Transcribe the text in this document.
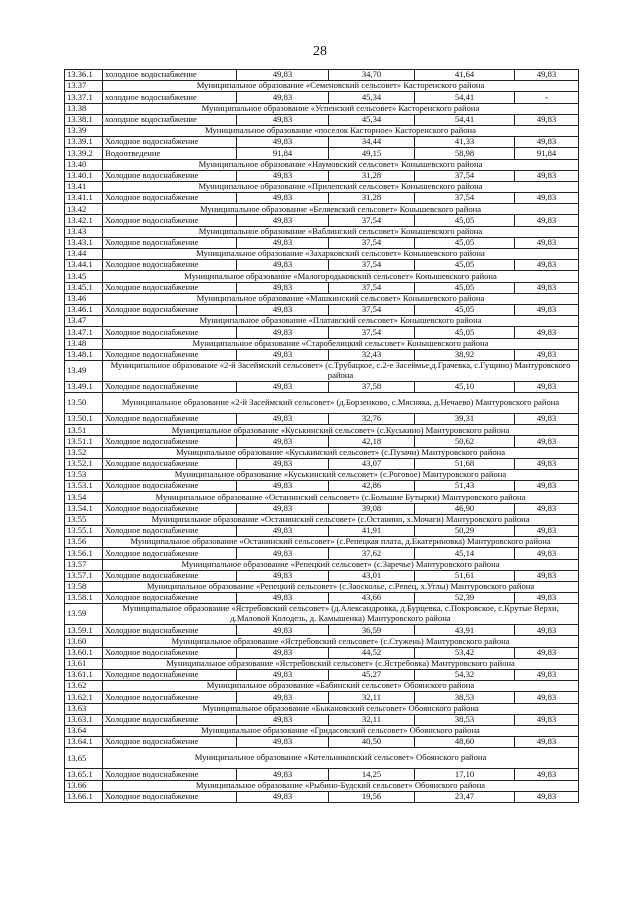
28
13.36.1	холодное водоснабжение	49,83	34,70	41,64	49,83
13.37	Муниципальное образование «Семеновский сельсовет» Касторенского района				
13.37.1	холодное водоснабжение	49,83	45,34	54,41	-
13.38	Муниципальное образование «Успенский сельсовет» Касторенского района				
13.38.1	холодное водоснабжение	49,83	45,34	54,41	49,83
13.39	Муниципальное образование «поселок Касторное» Касторенского района				
13.39.1	Холодное водоснабжение	49,83	34,44	41,33	49,83
13.39.2	Водоотведение	91,84	49,15	58,98	91,84
13.40	Муниципальное образование «Наумовский сельсовет» Конышевского района				
13.40.1	Холодное водоснабжение	49,83	31,28	37,54	49,83
13.41	Муниципальное образование «Прилепский сельсовет» Конышевского района				
13.41.1	Холодное водоснабжение	49,83	31,28	37,54	49,83
13.42	Муниципальное образование «Беляевский сельсовет» Конышевского района				
13.42.1	Холодное водоснабжение	49,83	37,54	45,05	49,83
13.43	Муниципальное образование «Ваблинский сельсовет» Конышевского района				
13.43.1	Холодное водоснабжение	49,83	37,54	45,05	49,83
13.44	Муниципальное образование «Захарковский сельсовет» Конышевского района				
13.44.1	Холодное водоснабжение	49,83	37,54	45,05	49,83
13.45	Муниципальное образование «Малогородьковский сельсовет» Конышевского района				
13.45.1	Холодное водоснабжение	49,83	37,54	45,05	49,83
13.46	Муниципальное образование «Машкинский сельсовет» Конышевского района				
13.46.1	Холодное водоснабжение	49,83	37,54	45,05	49,83
13.47	Муниципальное образование «Платавский сельсовет» Конышевского района				
13.47.1	Холодное водоснабжение	49,83	37,54	45,05	49,83
13.48	Муниципальное образование «Старобелицкий сельсовет» Конышевского района				
13.48.1	Холодное водоснабжение	49,83	32,43	38,92	49,83
13.49	Муниципальное образование «2-й Засеймский сельсовет» (с.Трубацкое, с.2-е Засеймье,д.Грачевка, с.Гущино) Мантуровского района				
13.49.1	Холодное водоснабжение	49,83	37,58	45,10	49,83
13.50	Муниципальное образование «2-й Засеймский сельсовет» (д.Борзенково, с.Мясняка, д.Нечаево) Мантуровского района				
13.50.1	Холодное водоснабжение	49,83	32,76	39,31	49,83
13.51	Муниципальное образование «Куськинский сельсовет» (с.Куськино) Мантуровского района				
13.51.1	Холодное водоснабжение	49,83	42,18	50,62	49,83
13.52	Муниципальное образование «Куськинский сельсовет» (с.Пузачи) Мантуровского района				
13.52.1	Холодное водоснабжение	49,83	43,07	51,68	49,83
13.53	Муниципальное образование «Куськинский сельсовет» (с.Роговое) Мантуровского района				
13.53.1	Холодное водоснабжение	49,83	42,86	51,43	49,83
13.54	Муниципальное образование «Останинский сельсовет» (с.Большие Бутырки) Мантуровского района				
13.54.1	Холодное водоснабжение	49,83	39,08	46,90	49,83
13.55	Муниципальное образование «Останинский сельсовет» (с.Останино, х.Мочаги) Мантуровского района				
13.55.1	Холодное водоснабжение	49,83	41,91	50,29	49,83
13.56	Муниципальное образование «Останинский сельсовет» (с.Репецкая плата, д.Екатериновка) Мантуровского района				
13.56.1	Холодное водоснабжение	49,83	37,62	45,14	49,83
13.57	Муниципальное образование «Репецкий сельсовет» (с.Заречье) Мантуровского района				
13.57.1	Холодное водоснабжение	49,83	43,01	51,61	49,83
13.58	Муниципальное образование «Репецкий сельсовет» (с.Заосколье, с.Репец, х.Углы) Мантуровского района				
13.58.1	Холодное водоснабжение	49,83	43,66	52,39	49,83
13.59	Муниципальное образование «Ястребовский сельсовет» (д.Александровка, д.Бурцевка, с.Покровское, с.Крутые Верхи, д.Маловой Колодезь, д. Камышенка) Мантуровского района				
13.59.1	Холодное водоснабжение	49,83	36,59	43,91	49,83
13.60	Муниципальное образование «Ястребовский сельсовет» (с.Стужень) Мантуровского района				
13.60.1	Холодное водоснабжение	49,83	44,52	53,42	49,83
13.61	Муниципальное образование «Ястребовский сельсовет» (с.Ястребовка) Мантуровского района				
13.61.1	Холодное водоснабжение	49,83	45,27	54,32	49,83
13.62	Муниципальное образование «Бабинский сельсовет» Обоянского района				
13.62.1	Холодное водоснабжение	49,83	32,11	38,53	49,83
13.63	Муниципальное образование «Быкановский сельсовет» Обоянского района				
13.63.1	Холодное водоснабжение	49,83	32,11	38,53	49,83
13.64	Муниципальное образование «Гридасовский сельсовет» Обоянского района				
13.64.1	Холодное водоснабжение	49,83	40,50	48,60	49,83
13.65	Муниципальное образование «Котельниковский сельсовет» Обоянского района				
13.65.1	Холодное водоснабжение	49,83	14,25	17,10	49,83
13.66	Муниципальное образование «Рыбино-Будский сельсовет» Обоянского района				
13.66.1	Холодное водоснабжение	49,83	19,56	23,47	49,83
